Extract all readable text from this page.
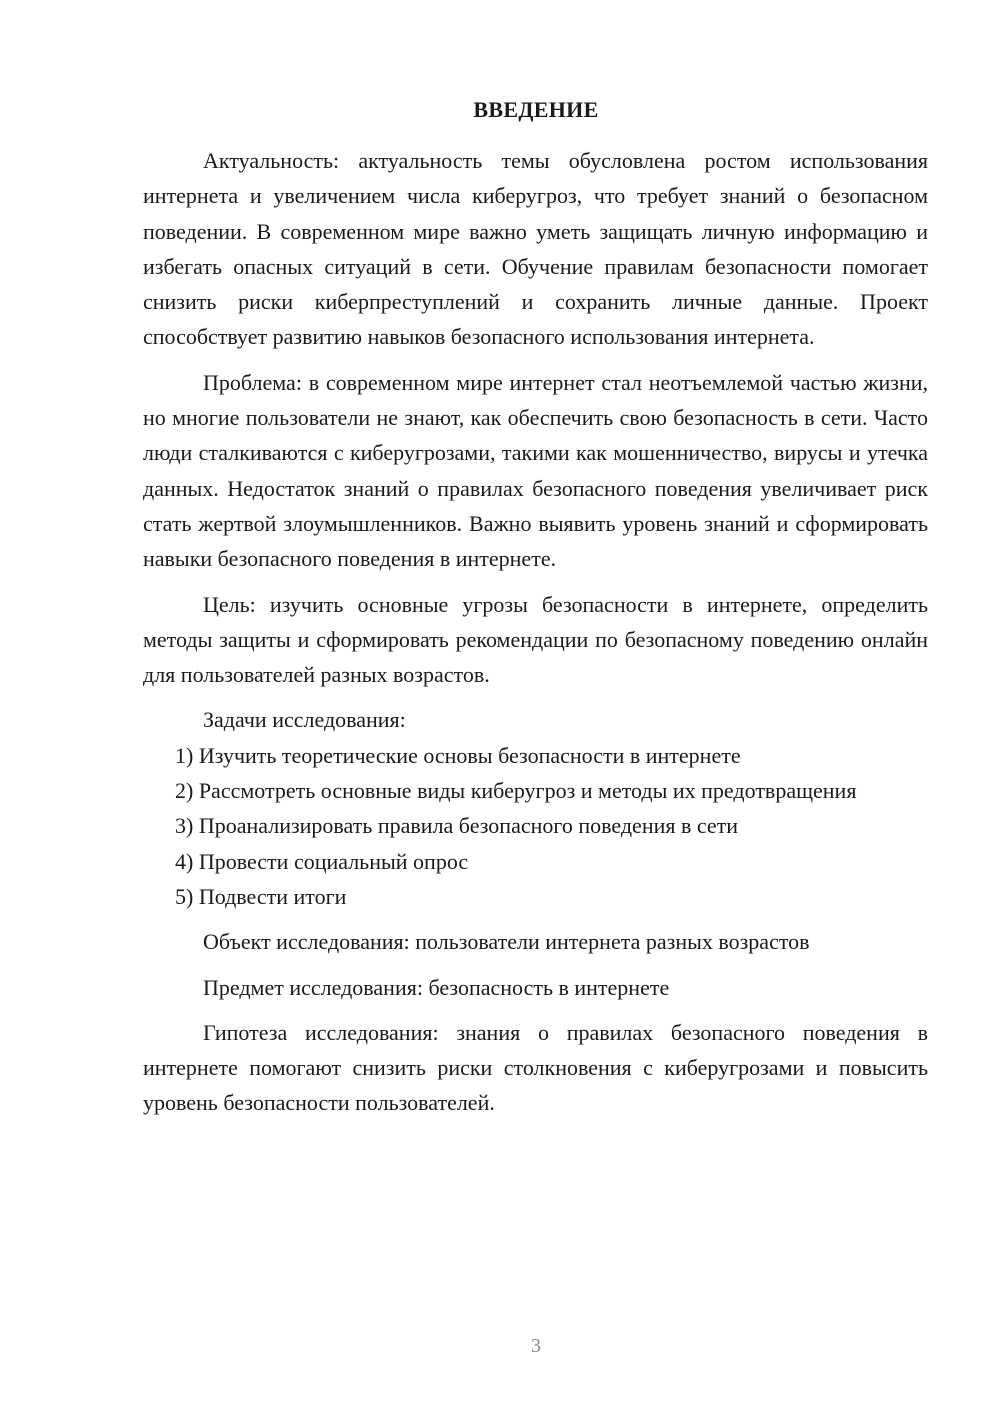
ВВЕДЕНИЕ

Актуальность: актуальность темы обусловлена ростом использования интернета и увеличением числа киберугроз, что требует знаний о безопасном поведении. В современном мире важно уметь защищать личную информацию и избегать опасных ситуаций в сети. Обучение правилам безопасности помогает снизить риски киберпреступлений и сохранить личные данные. Проект способствует развитию навыков безопасного использования интернета.

Проблема: в современном мире интернет стал неотъемлемой частью жизни, но многие пользователи не знают, как обеспечить свою безопасность в сети. Часто люди сталкиваются с киберугрозами, такими как мошенничество, вирусы и утечка данных. Недостаток знаний о правилах безопасного поведения увеличивает риск стать жертвой злоумышленников. Важно выявить уровень знаний и сформировать навыки безопасного поведения в интернете.

Цель: изучить основные угрозы безопасности в интернете, определить методы защиты и сформировать рекомендации по безопасному поведению онлайн для пользователей разных возрастов.

Задачи исследования:

1) Изучить теоретические основы безопасности в интернете

2) Рассмотреть основные виды киберугроз и методы их предотвращения

3) Проанализировать правила безопасного поведения в сети

4) Провести социальный опрос

5) Подвести итоги

Объект исследования: пользователи интернета разных возрастов

Предмет исследования: безопасность в интернете

Гипотеза исследования: знания о правилах безопасного поведения в интернете помогают снизить риски столкновения с киберугрозами и повысить уровень безопасности пользователей.

3
